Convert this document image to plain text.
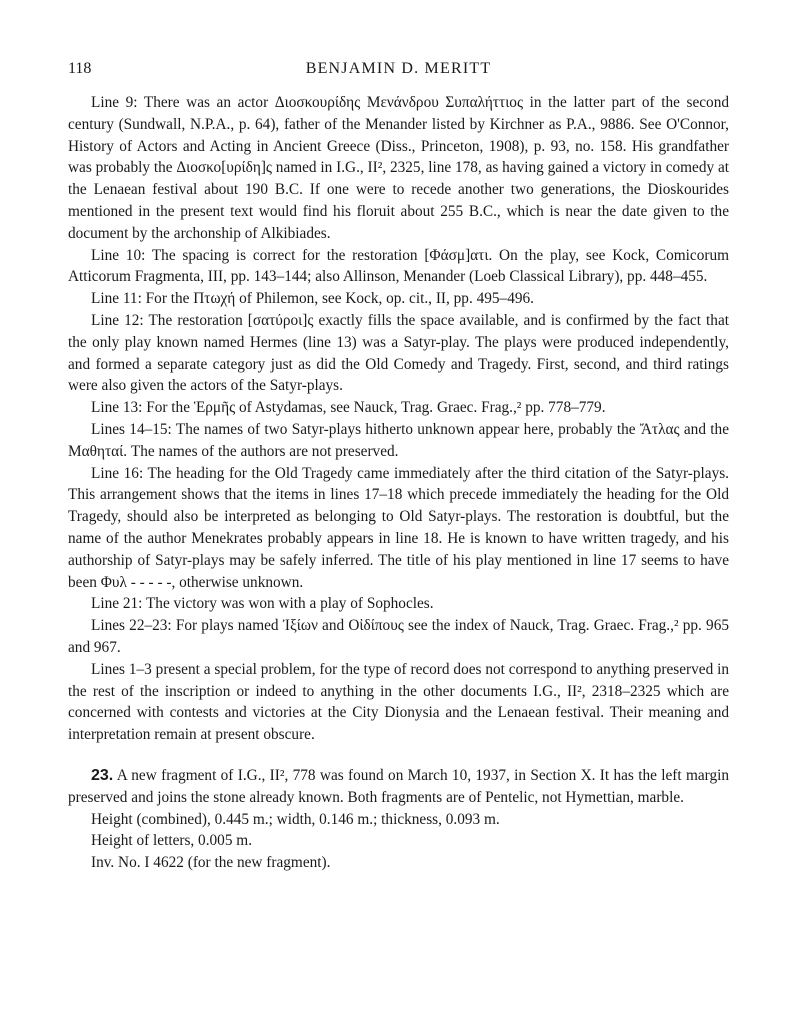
118	BENJAMIN D. MERITT

Line 9: There was an actor Διοσκουρίδης Μενάνδρου Συπαλήττιος in the latter part of the second century (Sundwall, N.P.A., p. 64), father of the Menander listed by Kirchner as P.A., 9886. See O'Connor, History of Actors and Acting in Ancient Greece (Diss., Princeton, 1908), p. 93, no. 158. His grandfather was probably the Διοσκο[υρίδη]ς named in I.G., II², 2325, line 178, as having gained a victory in comedy at the Lenaean festival about 190 B.C. If one were to recede another two generations, the Dioskourides mentioned in the present text would find his floruit about 255 B.C., which is near the date given to the document by the archonship of Alkibiades.

Line 10: The spacing is correct for the restoration [Φάσμ]ατι. On the play, see Kock, Comicorum Atticorum Fragmenta, III, pp. 143–144; also Allinson, Menander (Loeb Classical Library), pp. 448–455.

Line 11: For the Πτωχή of Philemon, see Kock, op. cit., II, pp. 495–496.

Line 12: The restoration [σατύροι]ς exactly fills the space available, and is confirmed by the fact that the only play known named Hermes (line 13) was a Satyr-play. The plays were produced independently, and formed a separate category just as did the Old Comedy and Tragedy. First, second, and third ratings were also given the actors of the Satyr-plays.

Line 13: For the Ἑρμῆς of Astydamas, see Nauck, Trag. Graec. Frag.,² pp. 778–779.

Lines 14–15: The names of two Satyr-plays hitherto unknown appear here, probably the Ἄτλας and the Μαθηταί. The names of the authors are not preserved.

Line 16: The heading for the Old Tragedy came immediately after the third citation of the Satyr-plays. This arrangement shows that the items in lines 17–18 which precede immediately the heading for the Old Tragedy, should also be interpreted as belonging to Old Satyr-plays. The restoration is doubtful, but the name of the author Menekrates probably appears in line 18. He is known to have written tragedy, and his authorship of Satyr-plays may be safely inferred. The title of his play mentioned in line 17 seems to have been Φυλ - - - - -, otherwise unknown.

Line 21: The victory was won with a play of Sophocles.

Lines 22–23: For plays named Ἰξίων and Οἰδίπους see the index of Nauck, Trag. Graec. Frag.,² pp. 965 and 967.

Lines 1–3 present a special problem, for the type of record does not correspond to anything preserved in the rest of the inscription or indeed to anything in the other documents I.G., II², 2318–2325 which are concerned with contests and victories at the City Dionysia and the Lenaean festival. Their meaning and interpretation remain at present obscure.

23. A new fragment of I.G., II², 778 was found on March 10, 1937, in Section X. It has the left margin preserved and joins the stone already known. Both fragments are of Pentelic, not Hymettian, marble.

Height (combined), 0.445 m.; width, 0.146 m.; thickness, 0.093 m.

Height of letters, 0.005 m.

Inv. No. I 4622 (for the new fragment).
